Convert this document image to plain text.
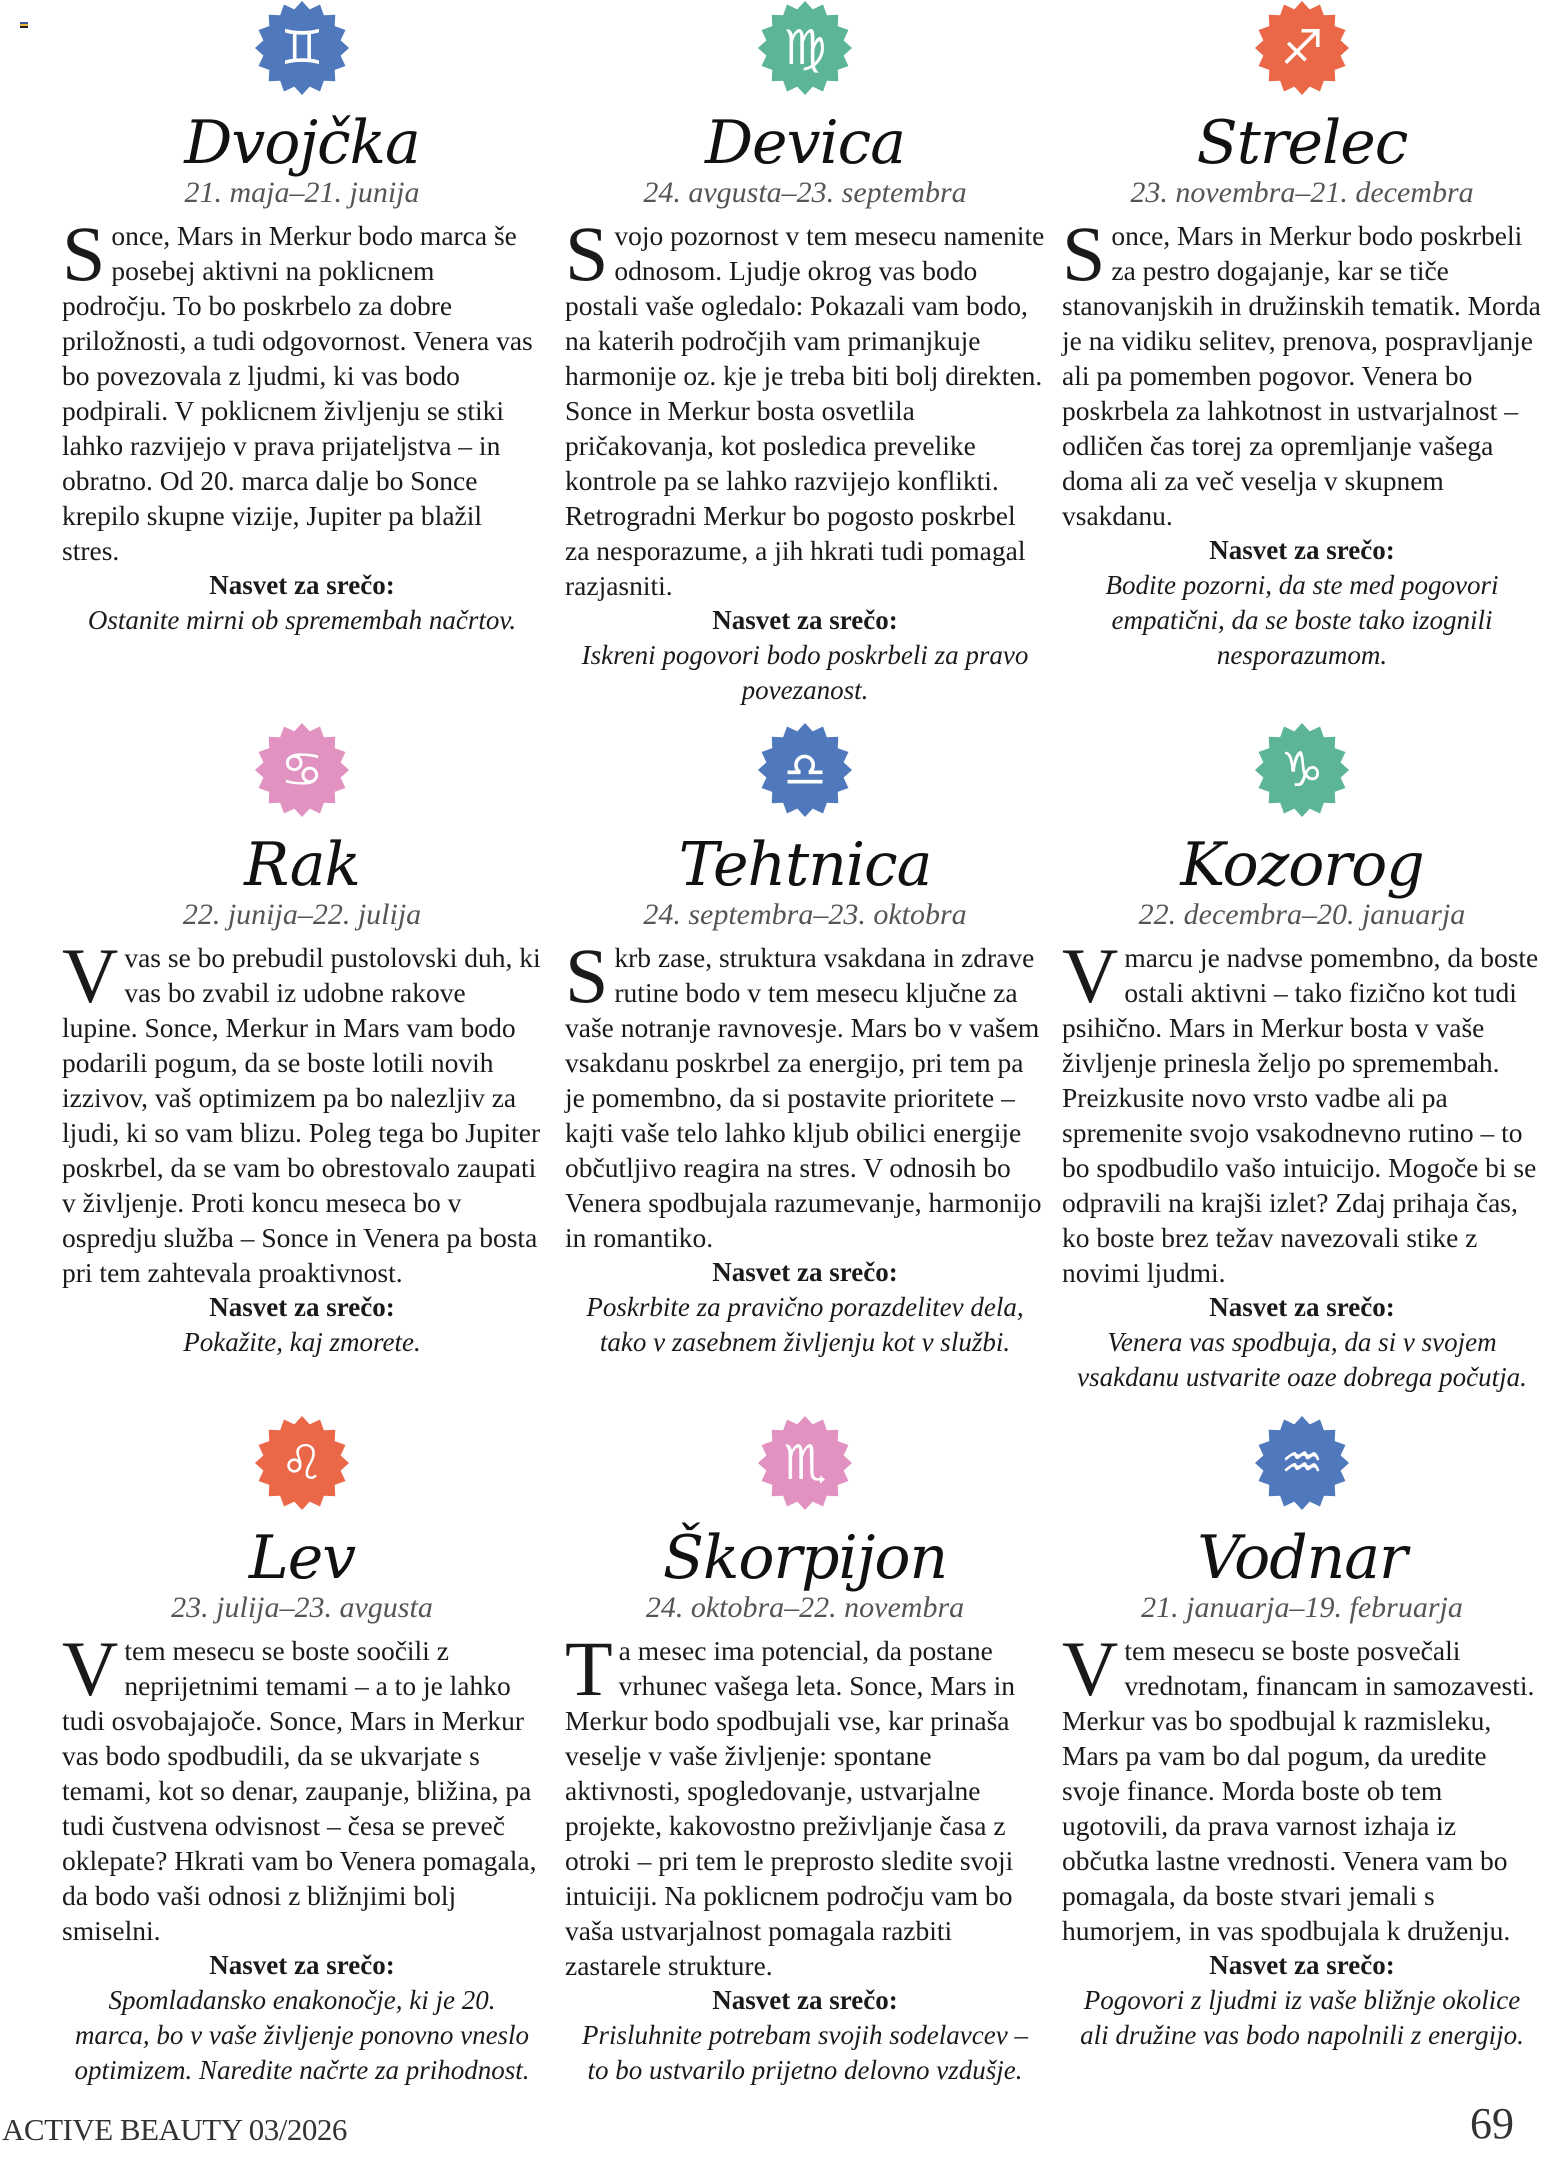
♊
Dvojčka
21. maja–21. junija
Sonce, Mars in Merkur bodo marca še posebej aktivni na poklicnem področju. To bo poskrbelo za dobre priložnosti, a tudi odgovornost. Venera vas bo povezovala z ljudmi, ki vas bodo podpirali. V poklicnem življenju se stiki lahko razvijejo v prava prijateljstva – in obratno. Od 20. marca dalje bo Sonce krepilo skupne vizije, Jupiter pa blažil stres.
Nasvet za srečo:
Ostanite mirni ob spremembah načrtov.
♍
Devica
24. avgusta–23. septembra
Svojo pozornost v tem mesecu namenite odnosom. Ljudje okrog vas bodo postali vaše ogledalo: Pokazali vam bodo, na katerih področjih vam primanjkuje harmonije oz. kje je treba biti bolj direkten. Sonce in Merkur bosta osvetlila pričakovanja, kot posledica prevelike kontrole pa se lahko razvijejo konflikti. Retrogradni Merkur bo pogosto poskrbel za nesporazume, a jih hkrati tudi pomagal razjasniti.
Nasvet za srečo:
Iskreni pogovori bodo poskrbeli za pravo povezanost.
♐
Strelec
23. novembra–21. decembra
Sonce, Mars in Merkur bodo poskrbeli za pestro dogajanje, kar se tiče stanovanjskih in družinskih tematik. Morda je na vidiku selitev, prenova, pospravljanje ali pa pomemben pogovor. Venera bo poskrbela za lahkotnost in ustvarjalnost – odličen čas torej za opremljanje vašega doma ali za več veselja v skupnem vsakdanu.
Nasvet za srečo:
Bodite pozorni, da ste med pogovori empatični, da se boste tako izognili nesporazumom.
♋
Rak
22. junija–22. julija
Vvas se bo prebudil pustolovski duh, ki vas bo zvabil iz udobne rakove lupine. Sonce, Merkur in Mars vam bodo podarili pogum, da se boste lotili novih izzivov, vaš optimizem pa bo nalezljiv za ljudi, ki so vam blizu. Poleg tega bo Jupiter poskrbel, da se vam bo obrestovalo zaupati v življenje. Proti koncu meseca bo v ospredju služba – Sonce in Venera pa bosta pri tem zahtevala proaktivnost.
Nasvet za srečo:
Pokažite, kaj zmorete.
♎
Tehtnica
24. septembra–23. oktobra
Skrb zase, struktura vsakdana in zdrave rutine bodo v tem mesecu ključne za vaše notranje ravnovesje. Mars bo v vašem vsakdanu poskrbel za energijo, pri tem pa je pomembno, da si postavite prioritete – kajti vaše telo lahko kljub obilici energije občutljivo reagira na stres. V odnosih bo Venera spodbujala razumevanje, harmonijo in romantiko.
Nasvet za srečo:
Poskrbite za pravično porazdelitev dela, tako v zasebnem življenju kot v službi.
♑
Kozorog
22. decembra–20. januarja
Vmarcu je nadvse pomembno, da boste ostali aktivni – tako fizično kot tudi psihično. Mars in Merkur bosta v vaše življenje prinesla željo po spremembah. Preizkusite novo vrsto vadbe ali pa spremenite svojo vsakodnevno rutino – to bo spodbudilo vašo intuicijo. Mogoče bi se odpravili na krajši izlet? Zdaj prihaja čas, ko boste brez težav navezovali stike z novimi ljudmi.
Nasvet za srečo:
Venera vas spodbuja, da si v svojem vsakdanu ustvarite oaze dobrega počutja.
♌
Lev
23. julija–23. avgusta
Vtem mesecu se boste soočili z neprijetnimi temami – a to je lahko tudi osvobajajoče. Sonce, Mars in Merkur vas bodo spodbudili, da se ukvarjate s temami, kot so denar, zaupanje, bližina, pa tudi čustvena odvisnost – česa se preveč oklepate? Hkrati vam bo Venera pomagala, da bodo vaši odnosi z bližnjimi bolj smiselni.
Nasvet za srečo:
Spomladansko enakonočje, ki je 20. marca, bo v vaše življenje ponovno vneslo optimizem. Naredite načrte za prihodnost.
♏
Škorpijon
24. oktobra–22. novembra
Ta mesec ima potencial, da postane vrhunec vašega leta. Sonce, Mars in Merkur bodo spodbujali vse, kar prinaša veselje v vaše življenje: spontane aktivnosti, spogledovanje, ustvarjalne projekte, kakovostno preživljanje časa z otroki – pri tem le preprosto sledite svoji intuiciji. Na poklicnem področju vam bo vaša ustvarjalnost pomagala razbiti zastarele strukture.
Nasvet za srečo:
Prisluhnite potrebam svojih sodelavcev – to bo ustvarilo prijetno delovno vzdušje.
♒
Vodnar
21. januarja–19. februarja
Vtem mesecu se boste posvečali vrednotam, financam in samozavesti. Merkur vas bo spodbujal k razmisleku, Mars pa vam bo dal pogum, da uredite svoje finance. Morda boste ob tem ugotovili, da prava varnost izhaja iz občutka lastne vrednosti. Venera vam bo pomagala, da boste stvari jemali s humorjem, in vas spodbujala k druženju.
Nasvet za srečo:
Pogovori z ljudmi iz vaše bližnje okolice ali družine vas bodo napolnili z energijo.
ACTIVE BEAUTY 03/2026	69
